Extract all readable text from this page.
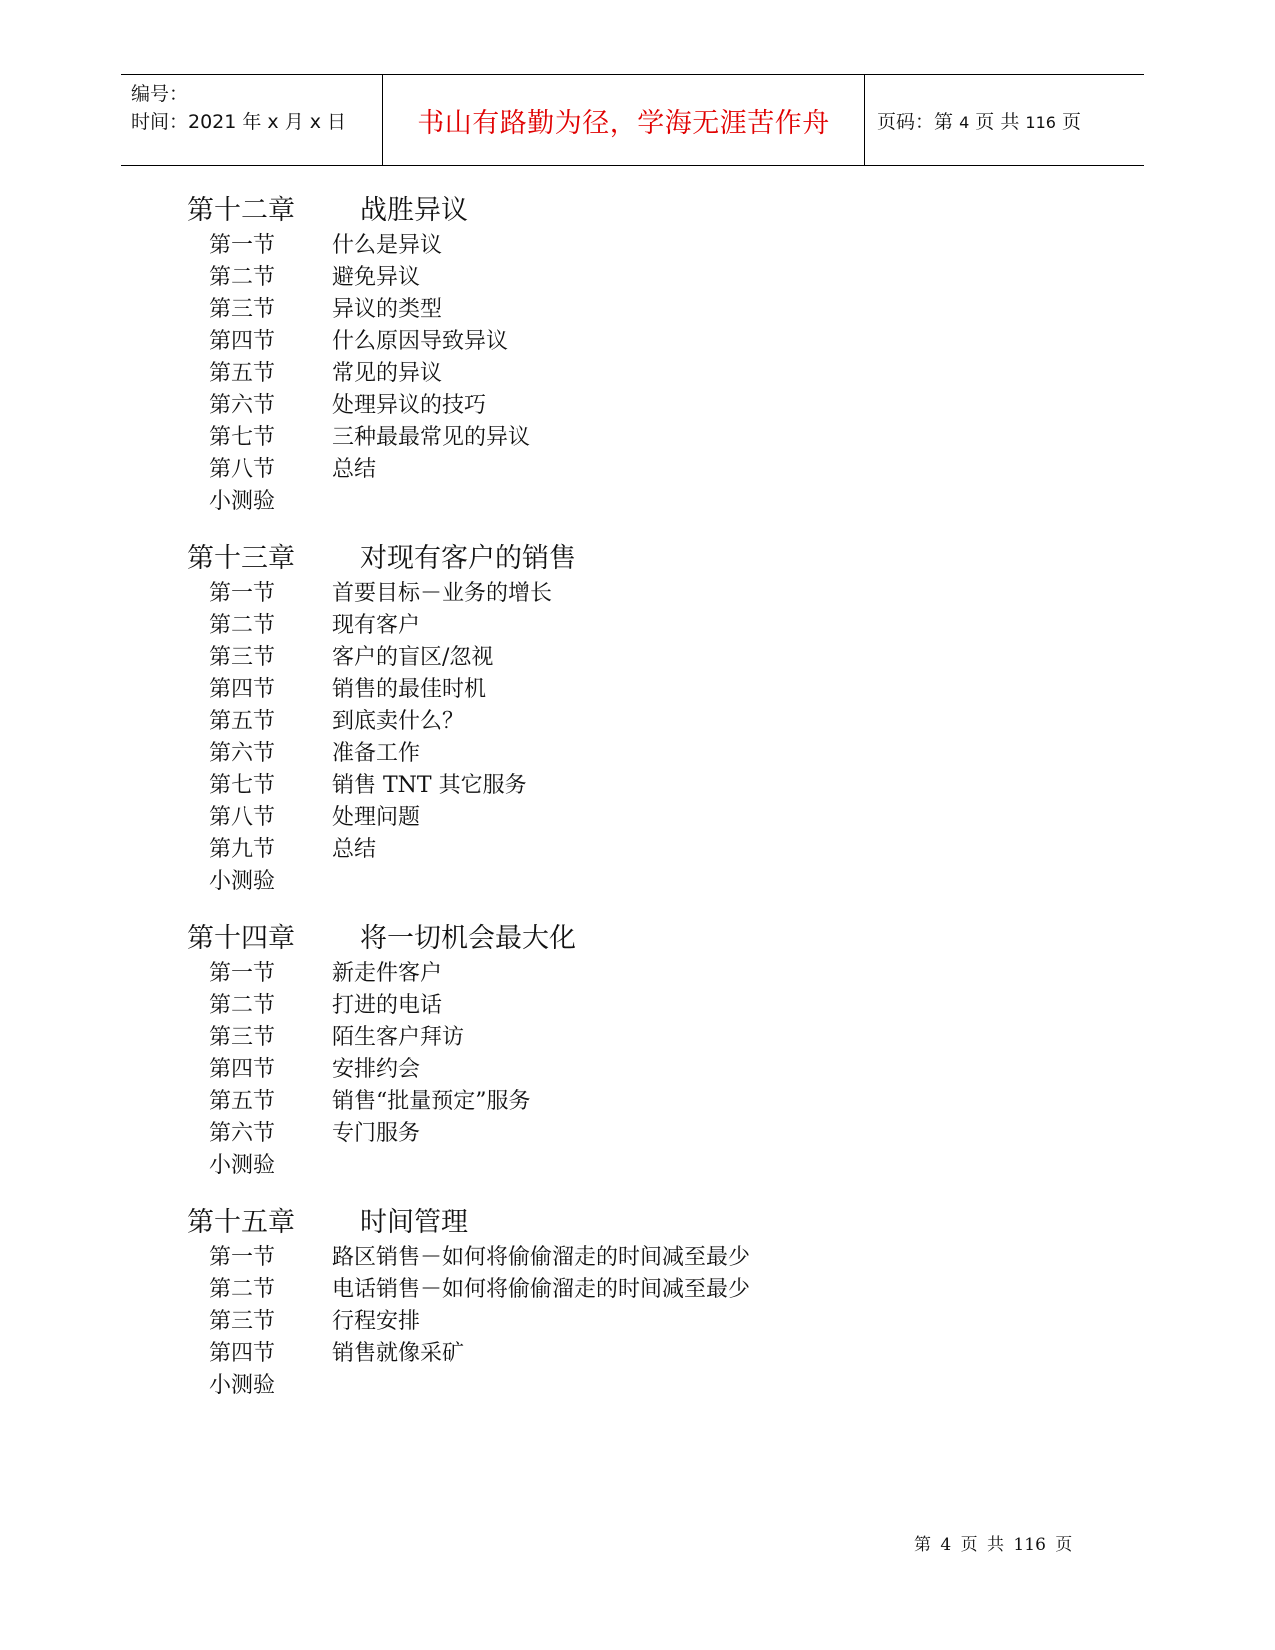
编号：
时间：2021 年 x 月 x 日	书山有路勤为径，学海无涯苦作舟 页码：第 4 页 共 116 页
第十二章 战胜异议
第一节	什么是异议
第二节	避免异议
第三节	异议的类型
第四节	什么原因导致异议
第五节	常见的异议
第六节	处理异议的技巧
第七节	三种最最常见的异议
第八节	总结
小测验
第十三章 对现有客户的销售
第一节	首要目标－业务的增长
第二节	现有客户
第三节	客户的盲区/忽视
第四节	销售的最佳时机
第五节	到底卖什么？
第六节	准备工作
第七节	销售 TNT 其它服务
第八节	处理问题
第九节	总结
小测验
第十四章 将一切机会最大化
第一节	新走件客户
第二节	打进的电话
第三节	陌生客户拜访
第四节	安排约会
第五节	销售“批量预定”服务
第六节	专门服务
小测验
第十五章 时间管理
第一节	路区销售－如何将偷偷溜走的时间减至最少
第二节	电话销售－如何将偷偷溜走的时间减至最少
第三节	行程安排
第四节	销售就像采矿
小测验
第 4 页 共 116 页
